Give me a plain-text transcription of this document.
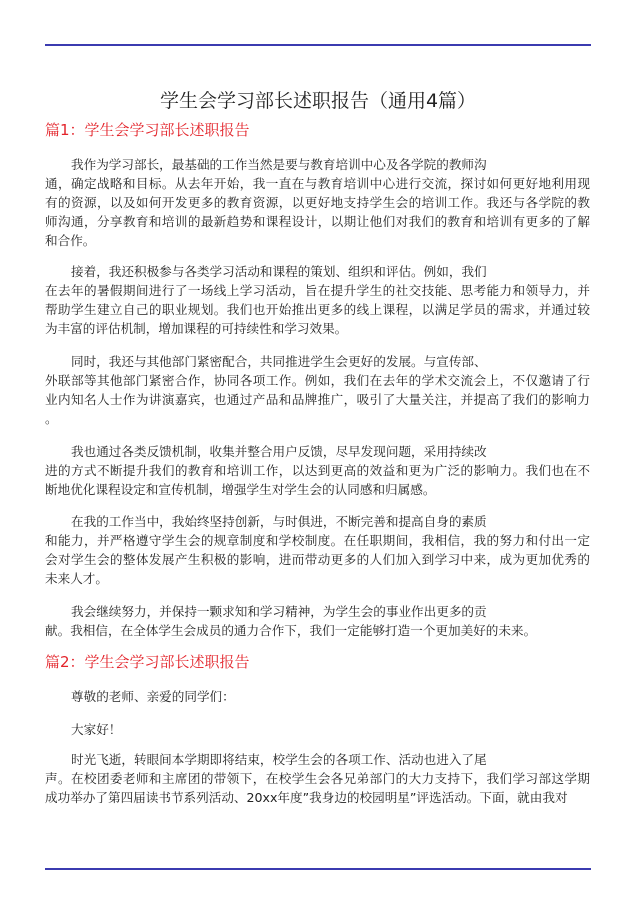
学生会学习部长述职报告（通用4篇）
篇1：学生会学习部长述职报告
我作为学习部长，最基础的工作当然是要与教育培训中心及各学院的教师沟
通，确定战略和目标。从去年开始，我一直在与教育培训中心进行交流，探讨如何更好地利用现
有的资源，以及如何开发更多的教育资源，以更好地支持学生会的培训工作。我还与各学院的教
师沟通，分享教育和培训的最新趋势和课程设计，以期让他们对我们的教育和培训有更多的了解
和合作。
接着，我还积极参与各类学习活动和课程的策划、组织和评估。例如，我们
在去年的暑假期间进行了一场线上学习活动，旨在提升学生的社交技能、思考能力和领导力，并
帮助学生建立自己的职业规划。我们也开始推出更多的线上课程，以满足学员的需求，并通过较
为丰富的评估机制，增加课程的可持续性和学习效果。
同时，我还与其他部门紧密配合，共同推进学生会更好的发展。与宣传部、
外联部等其他部门紧密合作，协同各项工作。例如，我们在去年的学术交流会上，不仅邀请了行
业内知名人士作为讲演嘉宾，也通过产品和品牌推广，吸引了大量关注，并提高了我们的影响力
。
我也通过各类反馈机制，收集并整合用户反馈，尽早发现问题，采用持续改
进的方式不断提升我们的教育和培训工作，以达到更高的效益和更为广泛的影响力。我们也在不
断地优化课程设定和宣传机制，增强学生对学生会的认同感和归属感。
在我的工作当中，我始终坚持创新，与时俱进，不断完善和提高自身的素质
和能力，并严格遵守学生会的规章制度和学校制度。在任职期间，我相信，我的努力和付出一定
会对学生会的整体发展产生积极的影响，进而带动更多的人们加入到学习中来，成为更加优秀的
未来人才。
我会继续努力，并保持一颗求知和学习精神，为学生会的事业作出更多的贡
献。我相信，在全体学生会成员的通力合作下，我们一定能够打造一个更加美好的未来。
篇2：学生会学习部长述职报告
尊敬的老师、亲爱的同学们：
大家好！
时光飞逝，转眼间本学期即将结束，校学生会的各项工作、活动也进入了尾
声。在校团委老师和主席团的带领下，在校学生会各兄弟部门的大力支持下，我们学习部这学期
成功举办了第四届读书节系列活动、20xx年度”我身边的校园明星”评选活动。下面，就由我对
